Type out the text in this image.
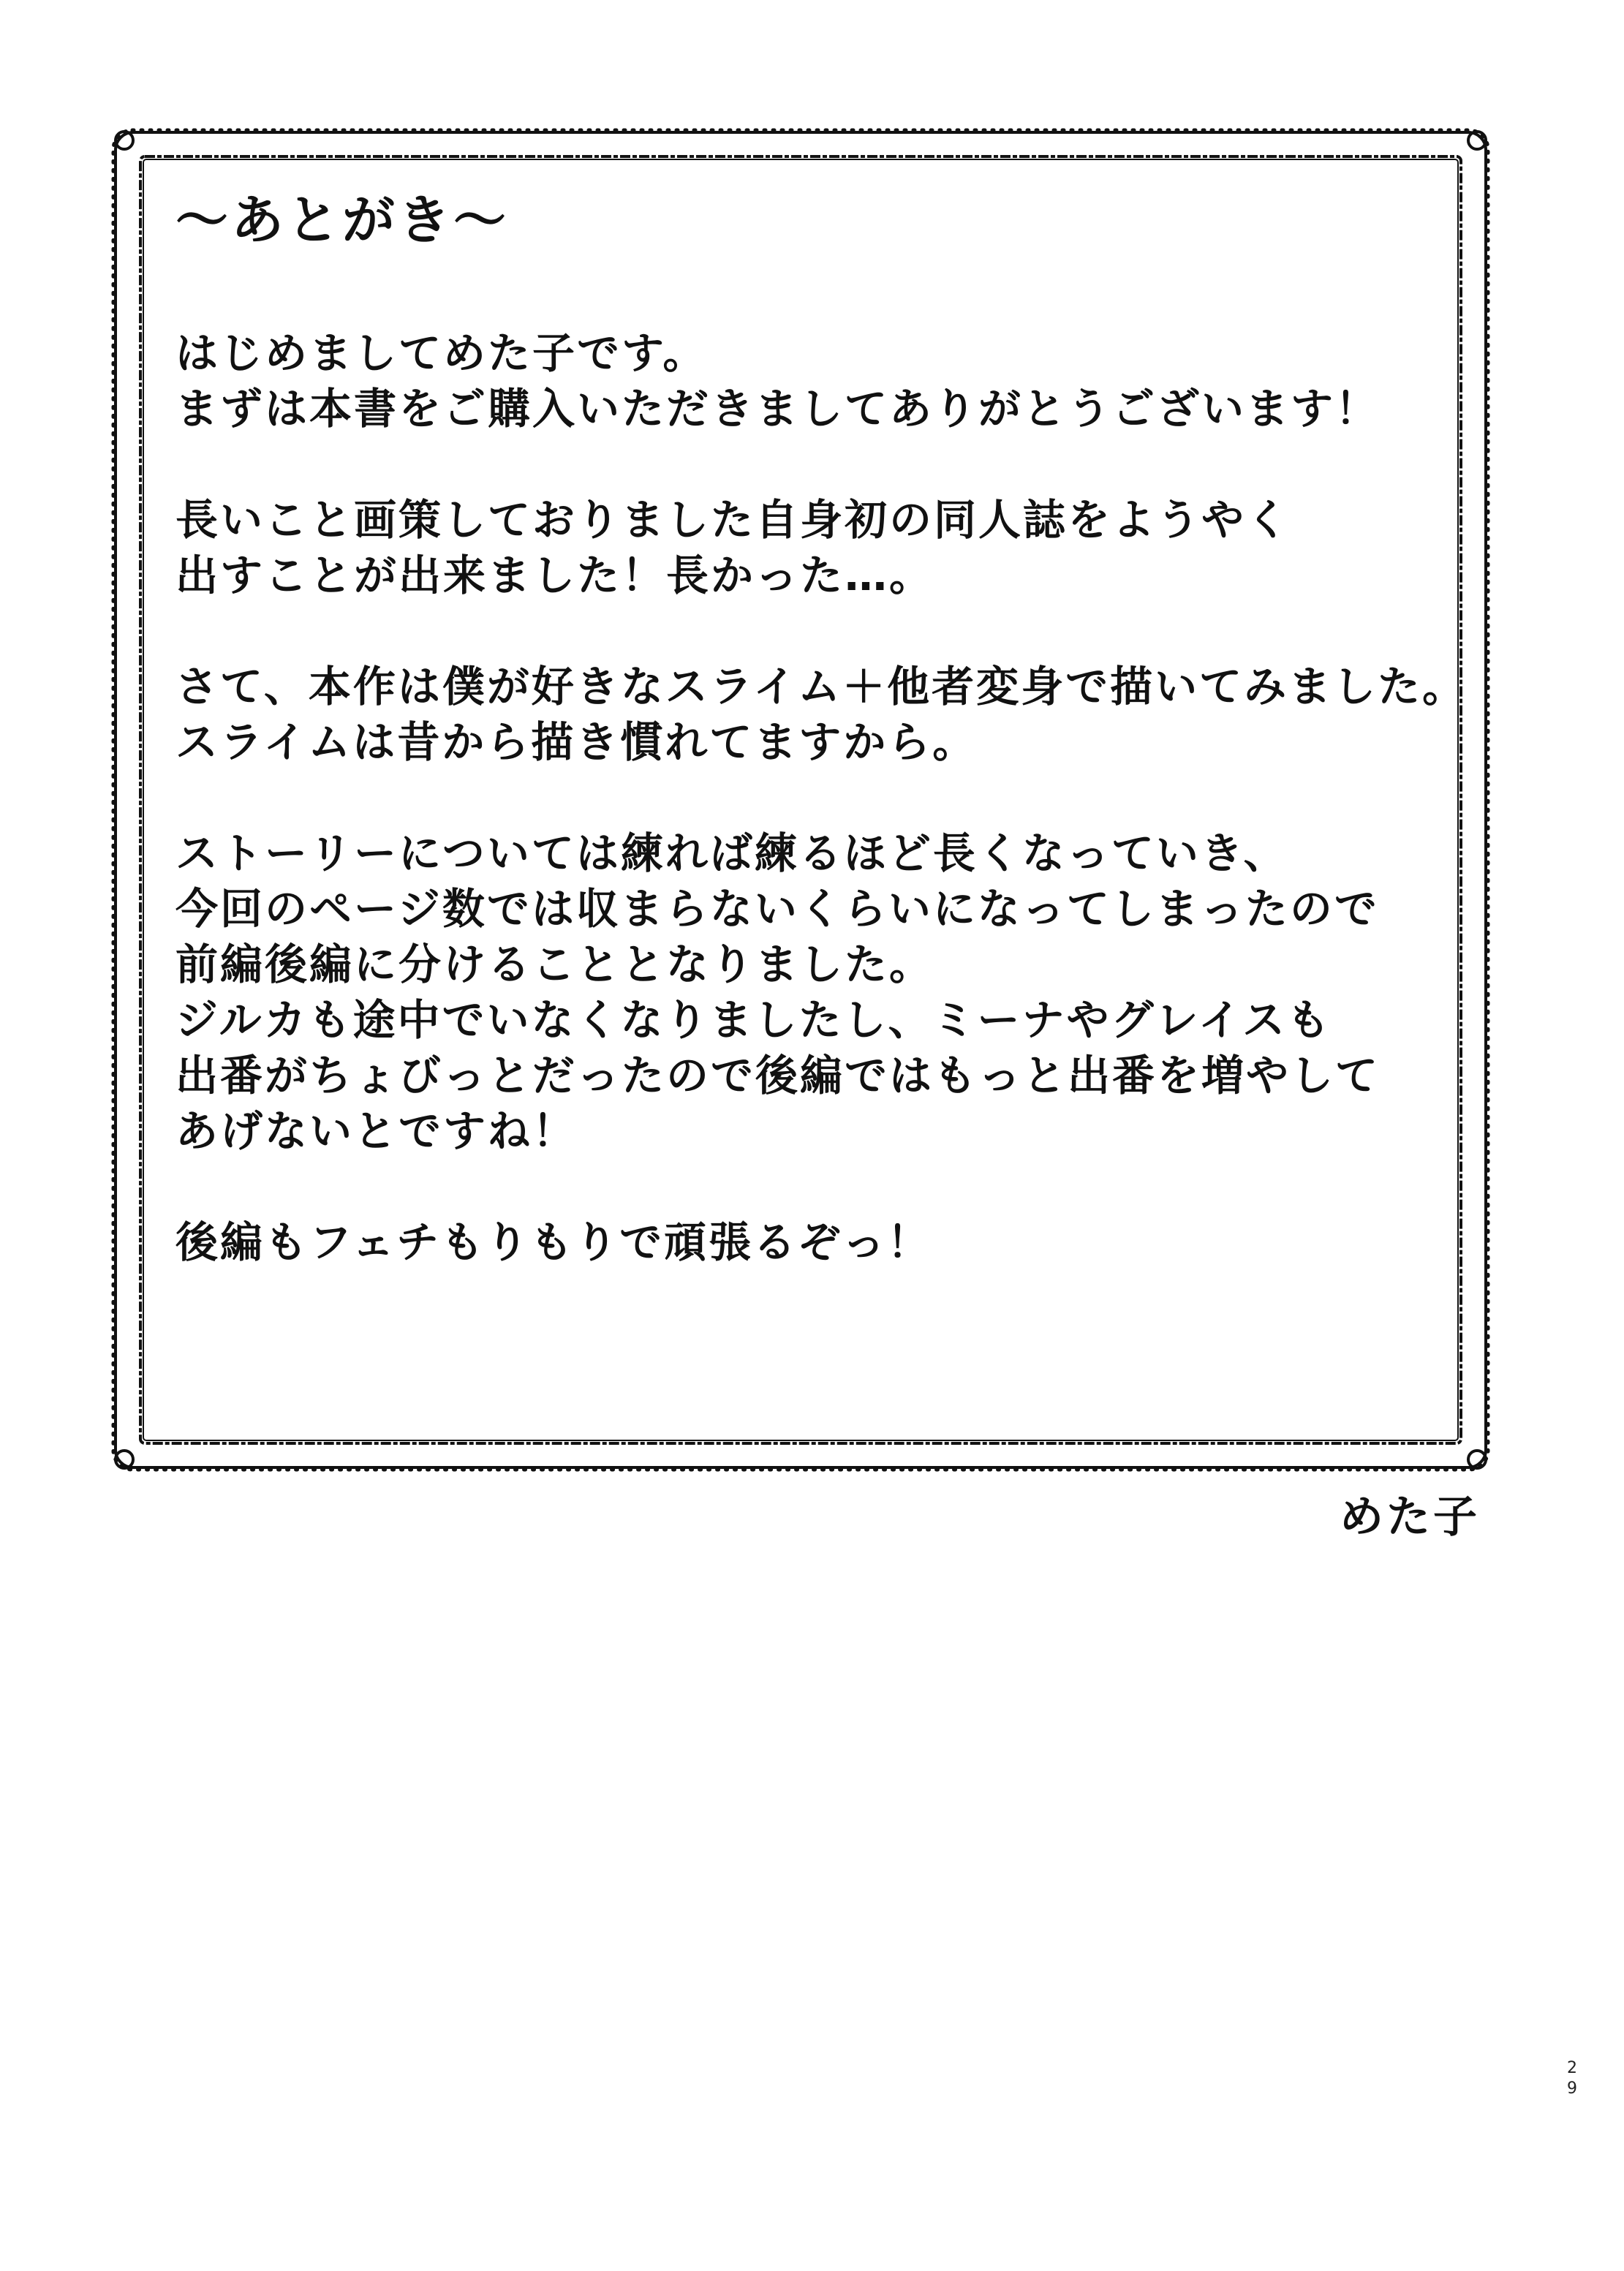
〜あとがき〜
はじめましてめた子です。
まずは本書をご購入いただきましてありがとうございます！
長いこと画策しておりました自身初の同人誌をようやく
出すことが出来ました！長かった…。
さて、本作は僕が好きなスライム＋他者変身で描いてみました。
スライムは昔から描き慣れてますから。
ストーリーについては練れば練るほど長くなっていき、
今回のページ数では収まらないくらいになってしまったので
前編後編に分けることとなりました。
ジルカも途中でいなくなりましたし、ミーナやグレイスも
出番がちょびっとだったので後編ではもっと出番を増やして
あげないとですね！
後編もフェチもりもりで頑張るぞっ！
めた子
2
9
